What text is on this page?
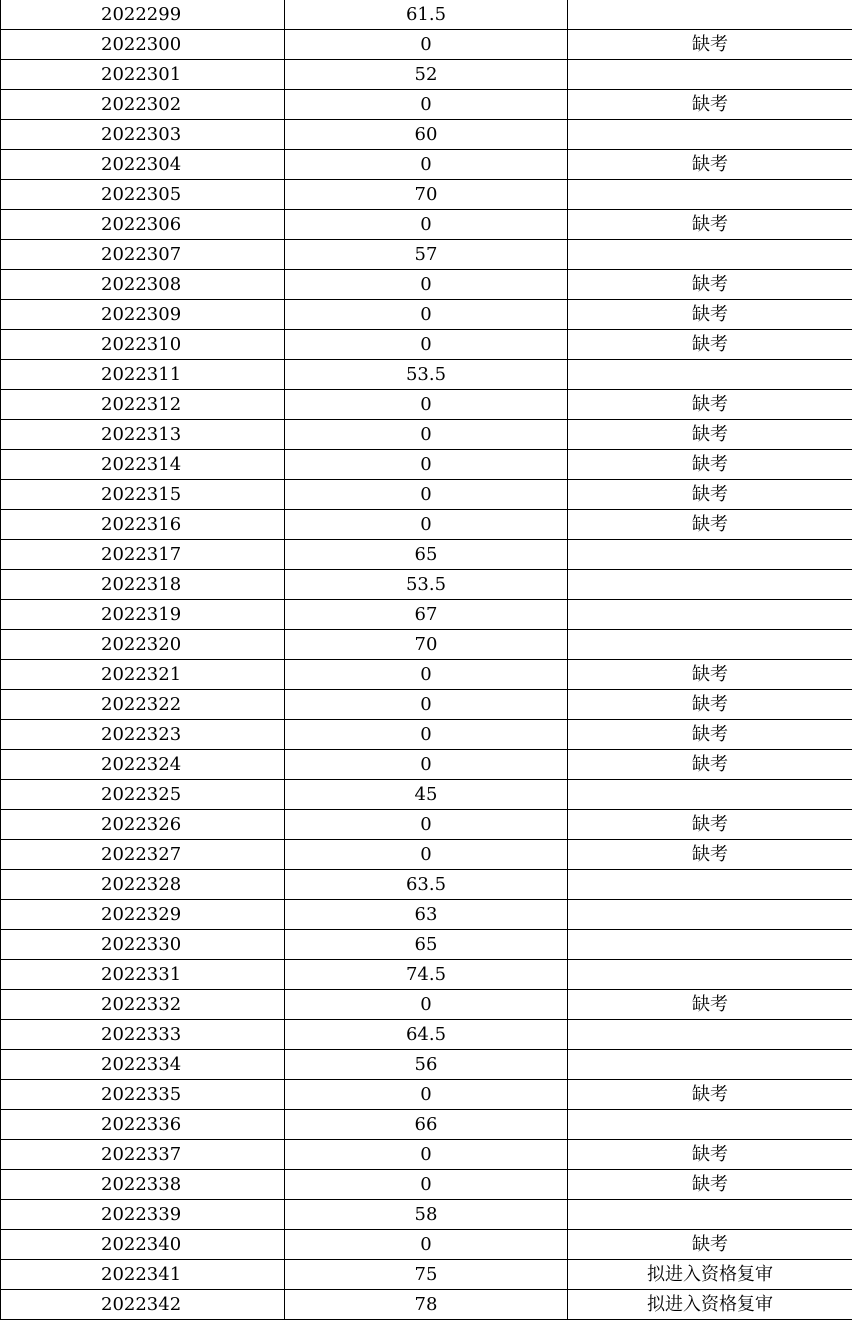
2022299	61.5	
2022300	0	缺考
2022301	52	
2022302	0	缺考
2022303	60	
2022304	0	缺考
2022305	70	
2022306	0	缺考
2022307	57	
2022308	0	缺考
2022309	0	缺考
2022310	0	缺考
2022311	53.5	
2022312	0	缺考
2022313	0	缺考
2022314	0	缺考
2022315	0	缺考
2022316	0	缺考
2022317	65	
2022318	53.5	
2022319	67	
2022320	70	
2022321	0	缺考
2022322	0	缺考
2022323	0	缺考
2022324	0	缺考
2022325	45	
2022326	0	缺考
2022327	0	缺考
2022328	63.5	
2022329	63	
2022330	65	
2022331	74.5	
2022332	0	缺考
2022333	64.5	
2022334	56	
2022335	0	缺考
2022336	66	
2022337	0	缺考
2022338	0	缺考
2022339	58	
2022340	0	缺考
2022341	75	拟进入资格复审
2022342	78	拟进入资格复审
